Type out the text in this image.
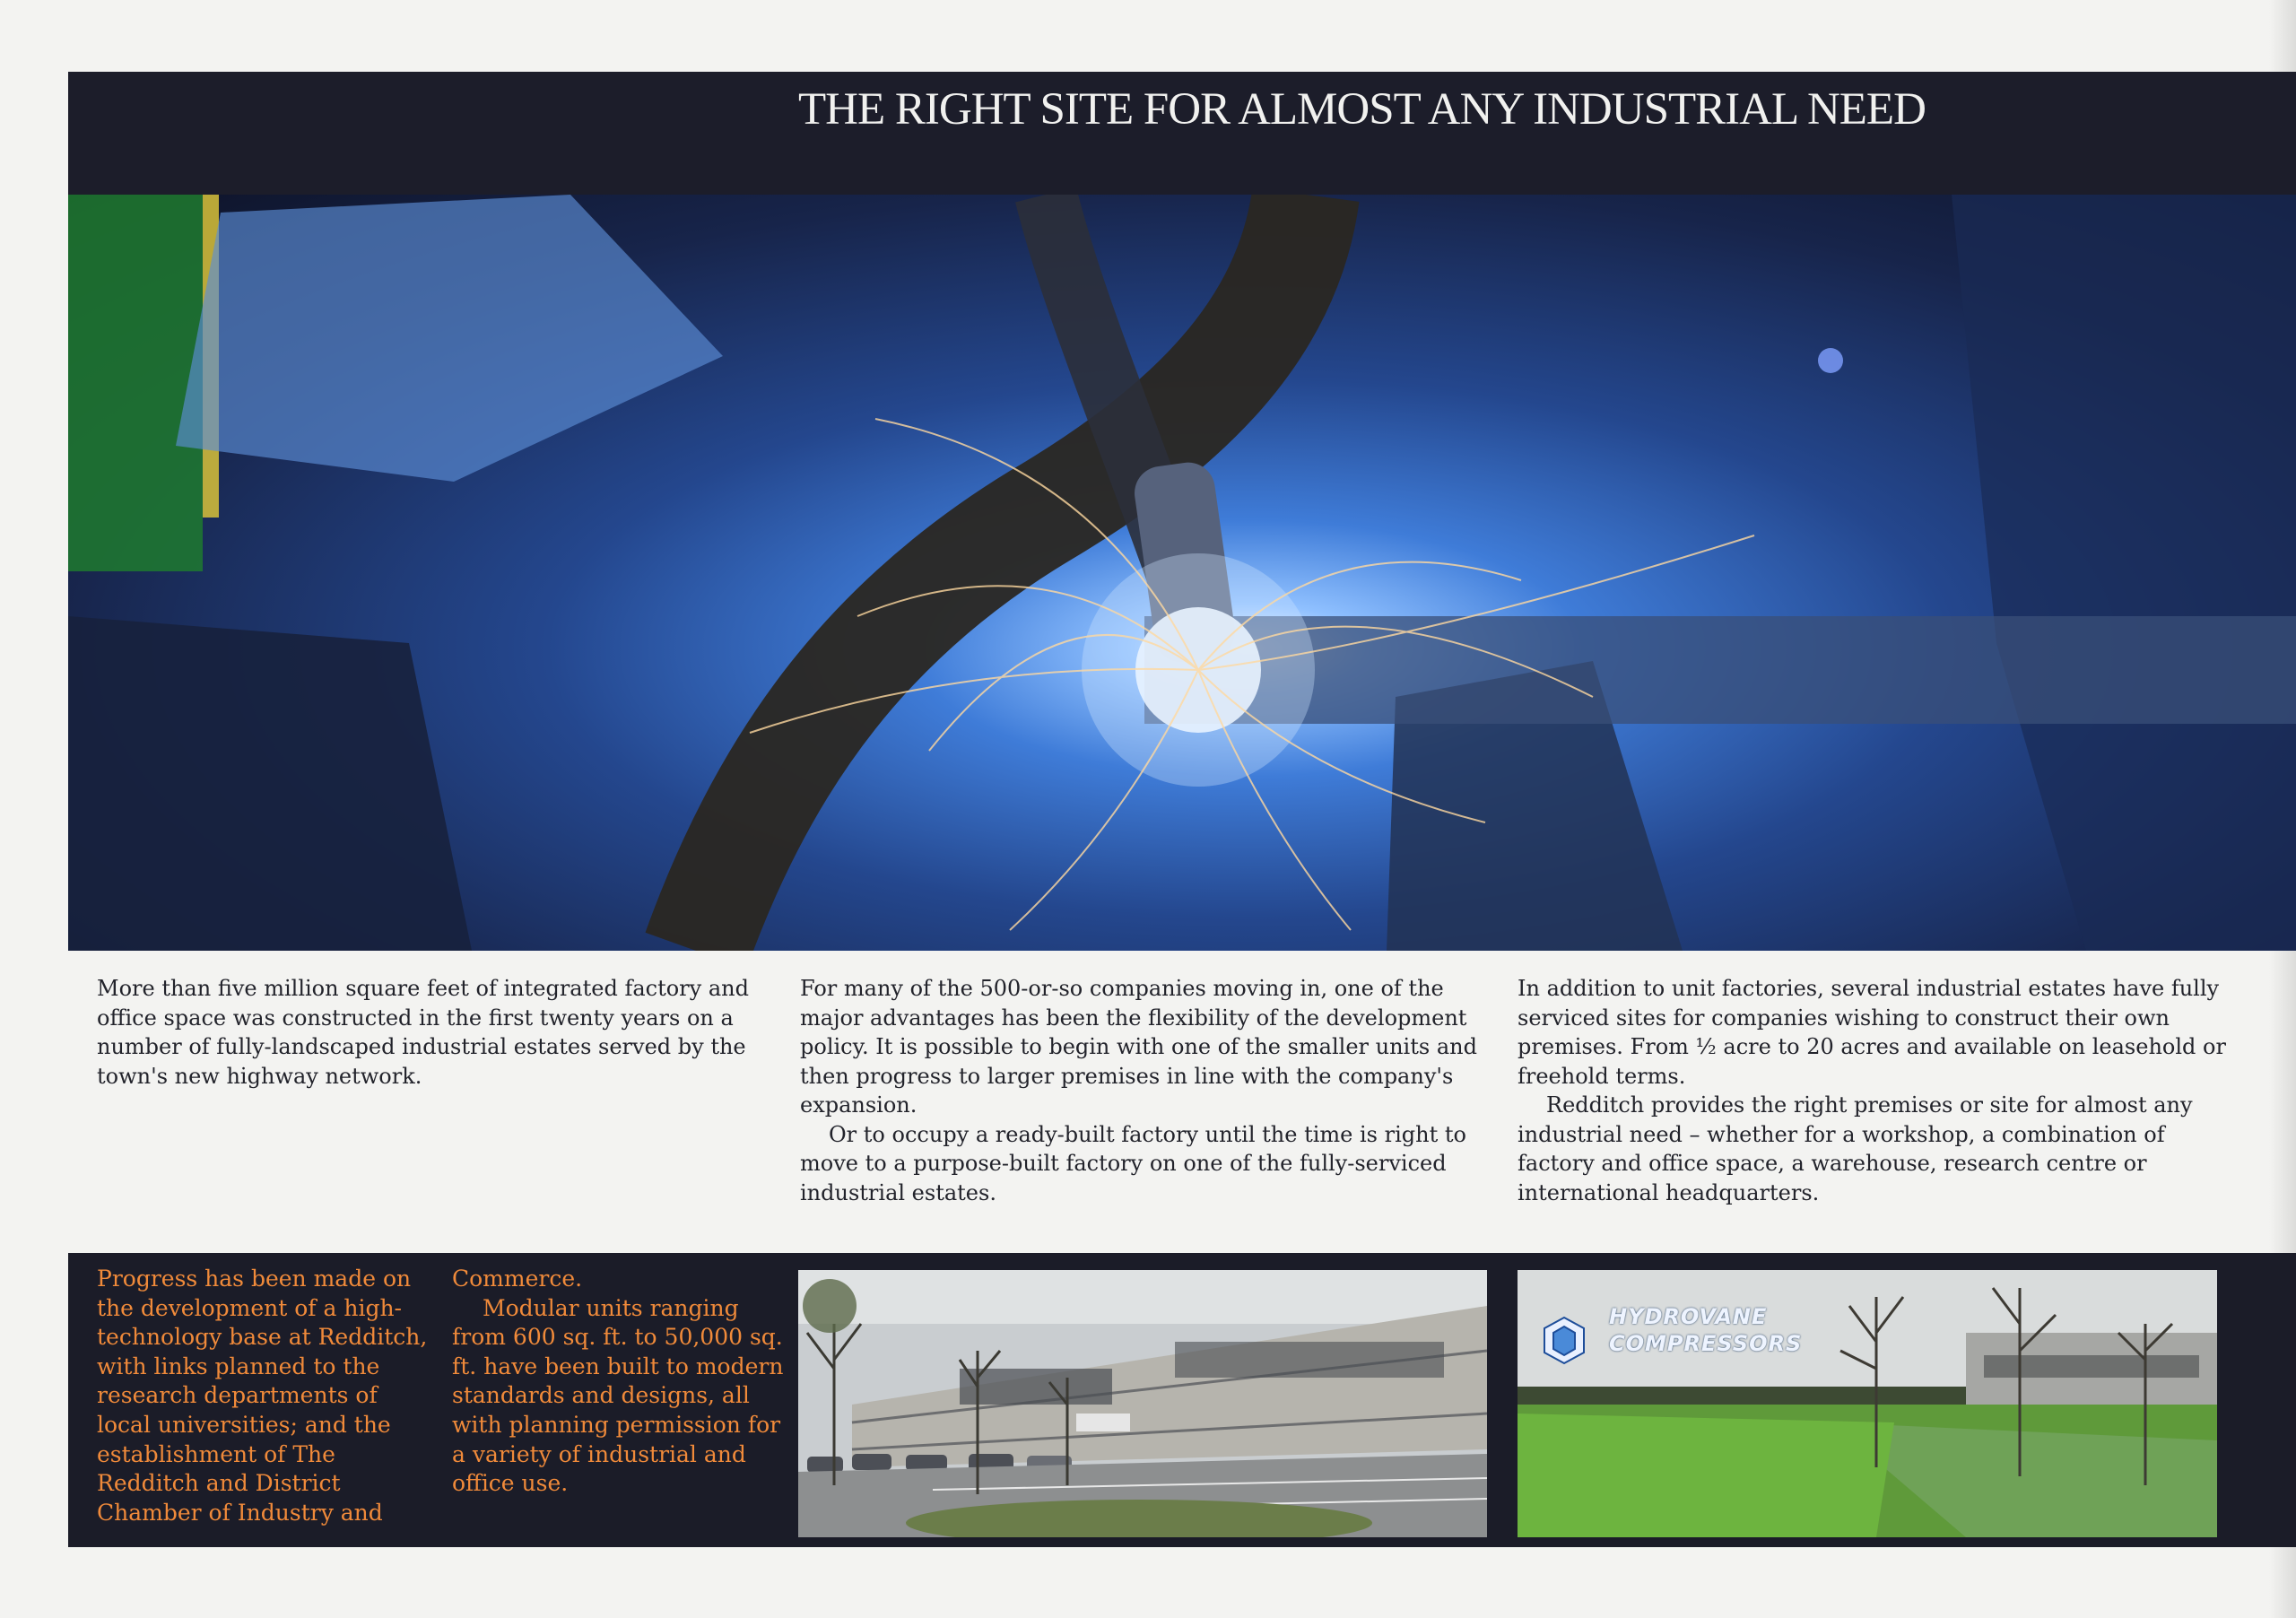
THE RIGHT SITE FOR ALMOST ANY INDUSTRIAL NEED

More than five million square feet of integrated factory and office space was constructed in the first twenty years on a number of fully-landscaped industrial estates served by the town's new highway network.

For many of the 500-or-so companies moving in, one of the major advantages has been the flexibility of the development policy. It is possible to begin with one of the smaller units and then progress to larger premises in line with the company's expansion.

Or to occupy a ready-built factory until the time is right to move to a purpose-built factory on one of the fully-serviced industrial estates.

In addition to unit factories, several industrial estates have fully serviced sites for companies wishing to construct their own premises. From ½ acre to 20 acres and available on leasehold or freehold terms.

Redditch provides the right premises or site for almost any industrial need – whether for a workshop, a combination of factory and office space, a warehouse, research centre or international headquarters.

Progress has been made on the development of a high-technology base at Redditch, with links planned to the research departments of local universities; and the establishment of The Redditch and District Chamber of Industry and

Commerce.

Modular units ranging from 600 sq. ft. to 50,000 sq. ft. have been built to modern standards and designs, all with planning permission for a variety of industrial and office use.

HYDROVANE
COMPRESSORS
